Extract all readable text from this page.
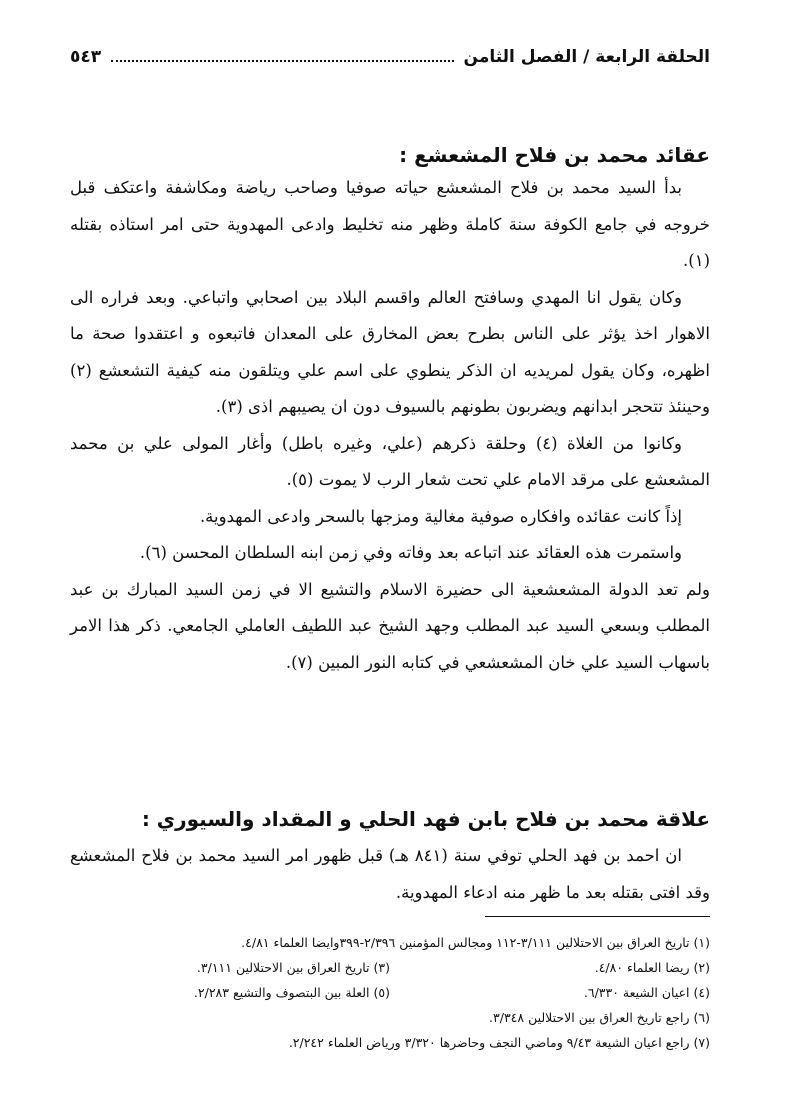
الحلقة الرابعة / الفصل الثامن
٥٤٣
عقائد محمد بن فلاح المشعشع :

بدأ السيد محمد بن فلاح المشعشع حياته صوفيا وصاحب رياضة ومكاشفة واعتكف قبل خروجه في جامع الكوفة سنة كاملة وظهر منه تخليط وادعى المهدوية حتى امر استاذه بقتله (١).

وكان يقول انا المهدي وسافتح العالم واقسم البلاد بين اصحابي واتباعي. وبعد فراره الى الاهوار اخذ يؤثر على الناس بطرح بعض المخارق على المعدان فاتبعوه و اعتقدوا صحة ما اظهره، وكان يقول لمريديه ان الذكر ينطوي على اسم علي ويتلقون منه كيفية التشعشع (٢) وحينئذ تتحجر ابدانهم ويضربون بطونهم بالسيوف دون ان يصيبهم اذى (٣).

وكانوا من الغلاة (٤) وحلقة ذكرهم (علي، وغيره باطل) وأغار المولى علي بن محمد المشعشع على مرقد الامام علي تحت شعار الرب لا يموت (٥).

إذاً كانت عقائده وافكاره صوفية مغالية ومزجها بالسحر وادعى المهدوية.

واستمرت هذه العقائد عند اتباعه بعد وفاته وفي زمن ابنه السلطان المحسن (٦).

ولم تعد الدولة المشعشعية الى حضيرة الاسلام والتشيع الا في زمن السيد المبارك بن عبد المطلب وبسعي السيد عبد المطلب وجهد الشيخ عبد اللطيف العاملي الجامعي. ذكر هذا الامر باسهاب السيد علي خان المشعشعي في كتابه النور المبين (٧).

علاقة محمد بن فلاح بابن فهد الحلي و المقداد والسيوري :

ان احمد بن فهد الحلي توفي سنة (٨٤١ هـ) قبل ظهور امر السيد محمد بن فلاح المشعشع وقد افتى بقتله بعد ما ظهر منه ادعاء المهدوية.

(١) تاريخ العراق بين الاحتلالين ٣/١١١-١١٢ ومجالس المؤمنين ٢/٣٩٦-٣٩٩وايضا العلماء ٤/٨١.
(٢) ريضا العلماء ٤/٨٠.
(٣) تاريخ العراق بين الاحتلالين ٣/١١١.
(٤) اعيان الشيعة ٦/٣٣٠.
(٥) العلة بين البتصوف والتشيع ٢/٢٨٣.
(٦) راجع تاريخ العراق بين الاحتلالين ٣/٣٤٨.
(٧) راجع اعيان الشيعة ٩/٤٣ وماضي النجف وحاضرها ٣/٣٢٠ ورياض العلماء ٢/٢٤٢.
